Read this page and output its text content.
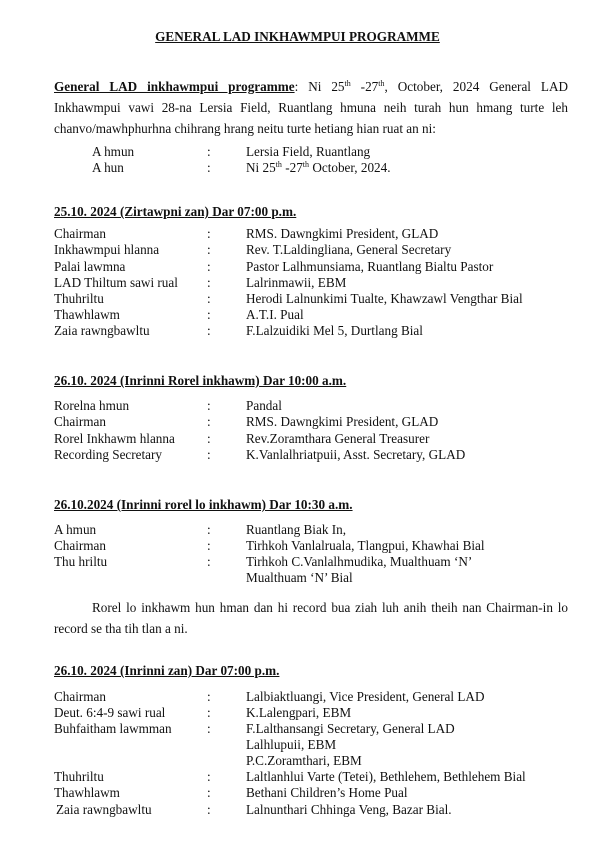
GENERAL LAD INKHAWMPUI PROGRAMME
General LAD inkhawmpui programme: Ni 25th -27th, October, 2024 General LAD Inkhawmpui vawi 28-na Lersia Field, Ruantlang hmuna neih turah hun hmang turte leh chanvo/mawhphurhna chihrang hrang neitu turte hetiang hian ruat an ni:
A hmun	:	Lersia Field, Ruantlang
A hun	:	Ni 25th -27th October, 2024.
25.10. 2024 (Zirtawpni zan) Dar 07:00 p.m.
Chairman	:	RMS. Dawngkimi President, GLAD
Inkhawmpui hlanna	:	Rev. T.Laldingliana, General Secretary
Palai lawmna	:	Pastor Lalhmunsiama, Ruantlang Bialtu Pastor
LAD Thiltum sawi rual :	Lalrinmawii, EBM
Thuhriltu	:	Herodi Lalnunkimi Tualte, Khawzawl Vengthar Bial
Thawhlawm	:	A.T.I. Pual
Zaia rawngbawltu	:	F.Lalzuidiki Mel 5, Durtlang Bial
26.10. 2024 (Inrinni Rorel inkhawm) Dar 10:00 a.m.
Rorelna hmun	:	Pandal
Chairman	:	RMS. Dawngkimi President, GLAD
Rorel Inkhawm hlanna :	Rev.Zoramthara General Treasurer
Recording Secretary	:	K.Vanlalhriatpuii, Asst. Secretary, GLAD
26.10.2024 (Inrinni rorel lo inkhawm) Dar 10:30 a.m.
A hmun	:	Ruantlang Biak In,
Chairman	:	Tirhkoh Vanlalruala, Tlangpui, Khawhai Bial
Thu hriltu	:	Tirhkoh C.Vanlalhmudika, Mualthuam ‘N’
Mualthuam ‘N’ Bial
Rorel lo inkhawm hun hman dan hi record bua ziah luh anih theih nan Chairman-in lo record se tha tih tlan a ni.
26.10. 2024 (Inrinni zan) Dar 07:00 p.m.
Chairman	:	Lalbiaktluangi, Vice President, General LAD
Deut. 6:4-9 sawi rual	:	K.Lalengpari, EBM
Buhfaitham lawmman	:	F.Lalthansangi Secretary, General LAD
Lalhlupuii, EBM
P.C.Zoramthari, EBM
Thuhriltu	:	Laltlanhlui Varte (Tetei), Bethlehem, Bethlehem Bial
Thawhlawm	:	Bethani Children’s Home Pual
Zaia rawngbawltu	:	Lalnunthari Chhinga Veng, Bazar Bial.
